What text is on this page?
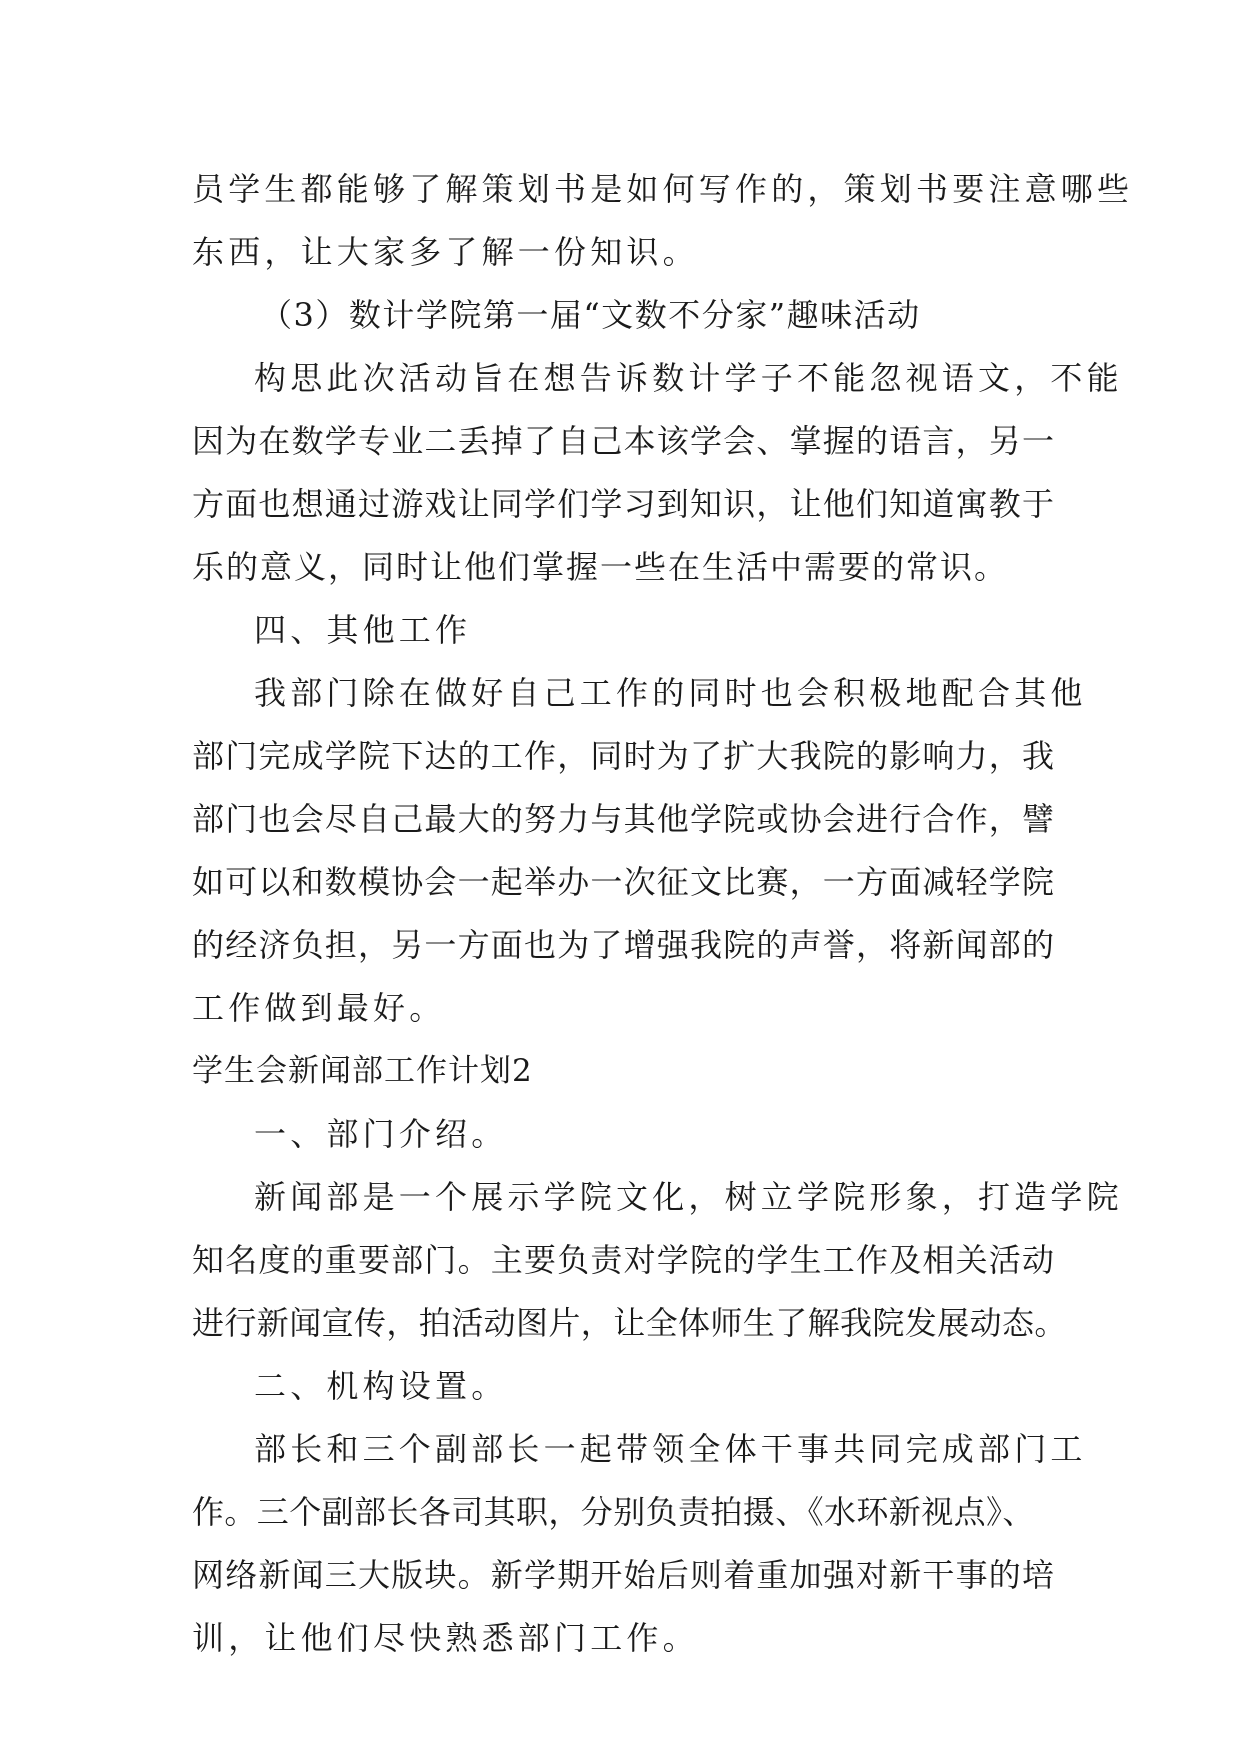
员学生都能够了解策划书是如何写作的，策划书要注意哪些
东西，让大家多了解一份知识。
（3）数计学院第一届“文数不分家”趣味活动
构思此次活动旨在想告诉数计学子不能忽视语文，不能
因为在数学专业二丢掉了自己本该学会、掌握的语言，另一
方面也想通过游戏让同学们学习到知识，让他们知道寓教于
乐的意义，同时让他们掌握一些在生活中需要的常识。
四、其他工作
我部门除在做好自己工作的同时也会积极地配合其他
部门完成学院下达的工作，同时为了扩大我院的影响力，我
部门也会尽自己最大的努力与其他学院或协会进行合作，譬
如可以和数模协会一起举办一次征文比赛，一方面减轻学院
的经济负担，另一方面也为了增强我院的声誉，将新闻部的
工作做到最好。
学生会新闻部工作计划2
一、部门介绍。
新闻部是一个展示学院文化，树立学院形象，打造学院
知名度的重要部门。主要负责对学院的学生工作及相关活动
进行新闻宣传，拍活动图片，让全体师生了解我院发展动态。
二、机构设置。
部长和三个副部长一起带领全体干事共同完成部门工
作。三个副部长各司其职，分别负责拍摄、《水环新视点》、
网络新闻三大版块。新学期开始后则着重加强对新干事的培
训，让他们尽快熟悉部门工作。
